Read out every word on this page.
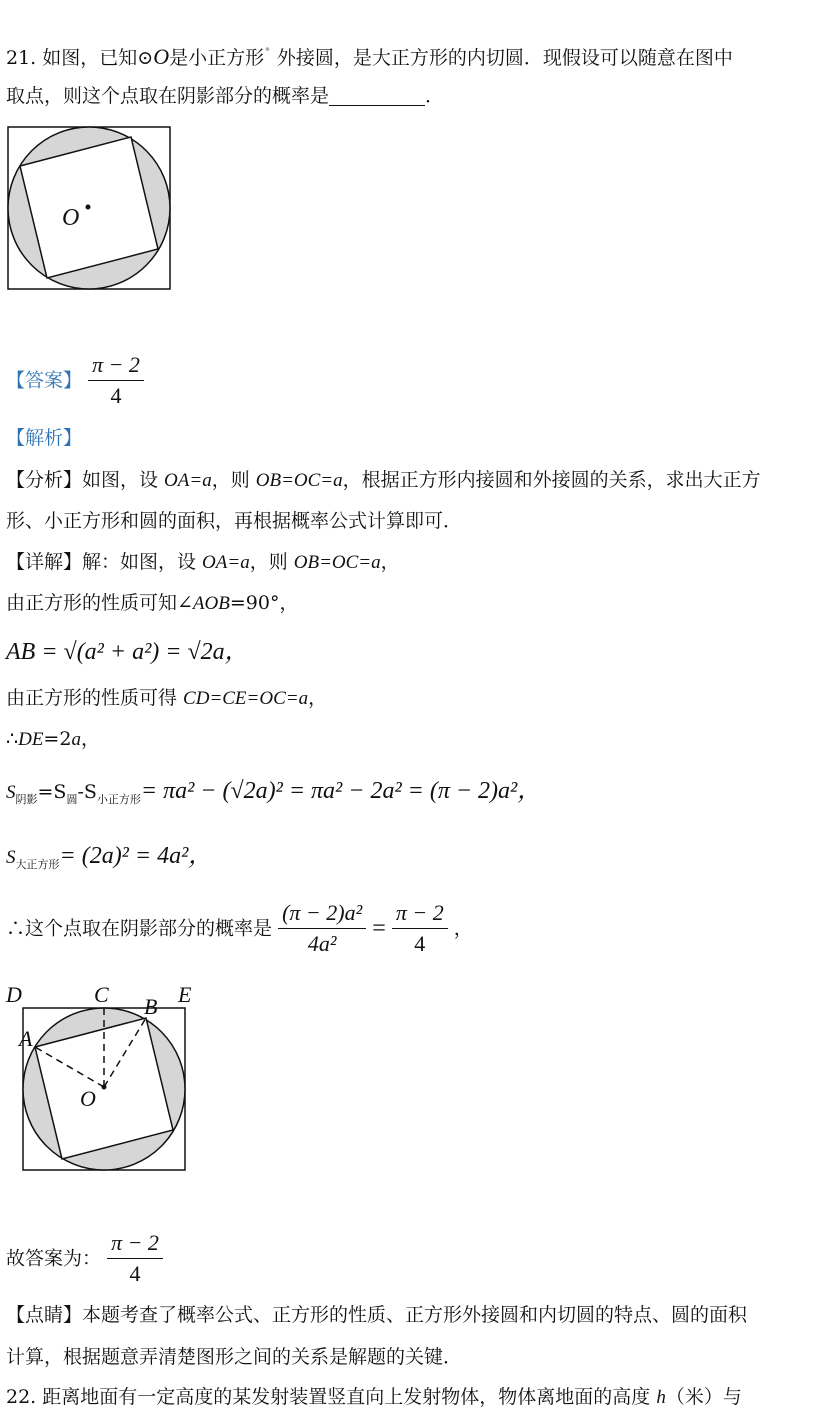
21. 如图，已知⊙O是小正方形⁕ 外接圆，是大正方形的内切圆．现假设可以随意在图中
取点，则这个点取在阴影部分的概率是	．
O
【答案】 $\frac{\pi - 2}{4}$
【解析】
【分析】如图，设 OA=a，则 OB=OC=a，根据正方形内接圆和外接圆的关系，求出大正方
形、小正方形和圆的面积，再根据概率公式计算即可．
【详解】解：如图，设 OA=a，则 OB=OC=a，
由正方形的性质可知∠AOB=90°，
AB = √(a² + a²) = √2a，
由正方形的性质可得 CD=CE=OC=a，
∴DE=2a，
$S_{阴影}=S_圆-S_{小正方形}= \pi a^2 - (√2a)^2 = \pi a^2 - 2a^2 = (\pi - 2)a^2$，
$S_{大正方形}= (2a)^2 = 4a^2$，
∴这个点取在阴影部分的概率是 $\frac{\text{(π − 2)a²}}{\text{4a²}} = \frac{\pi - 2}{4}$ ，
D	C B E
A
O
故答案为： $\frac{\pi - 2}{4}$
【点睛】本题考查了概率公式、正方形的性质、正方形外接圆和内切圆的特点、圆的面积
计算，根据题意弄清楚图形之间的关系是解题的关键．
22. 距离地面有一定高度的某发射装置竖直向上发射物体，物体离地面的高度 h（米）与
